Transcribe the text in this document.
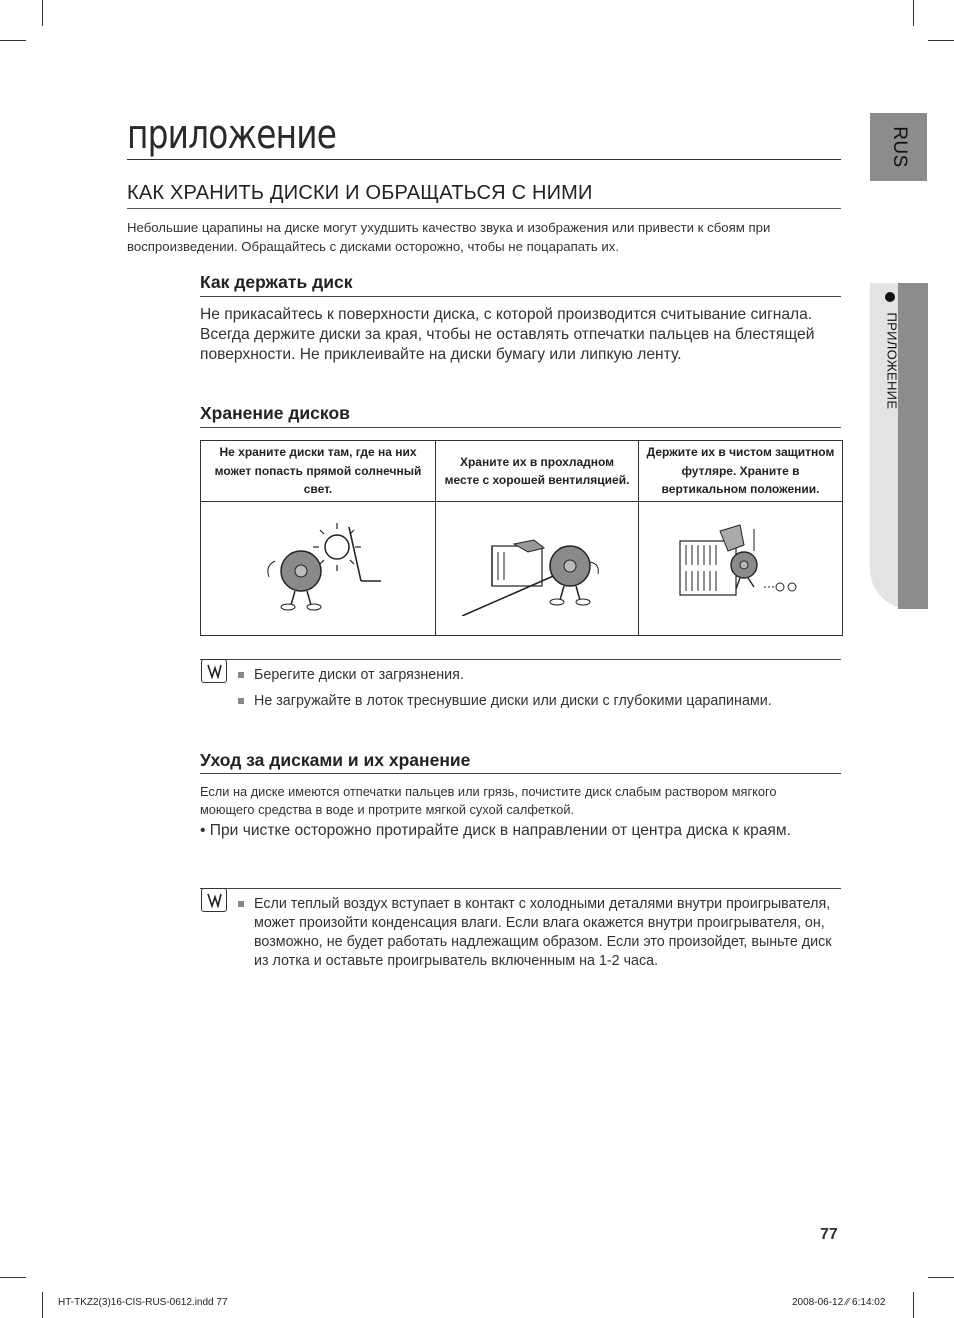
RUS
ПРИЛОЖЕНИЕ
приложение
КАК ХРАНИТЬ ДИСКИ И ОБРАЩАТЬСЯ С НИМИ

Небольшие царапины на диске могут ухудшить качество звука и изображения или привести к сбоям при воспроизведении. Обращайтесь с дисками осторожно, чтобы не поцарапать их.

Как держать диск

Не прикасайтесь к поверхности диска, с которой производится считывание сигнала. Всегда держите диски за края, чтобы не оставлять отпечатки пальцев на блестящей поверхности. Не приклеивайте на диски бумагу или липкую ленту.

Хранение дисков
Не храните диски там, где на них может попасть прямой солнечный свет.	Храните их в прохладном месте с хорошей вентиляцией.	Держите их в чистом защитном футляре. Храните в вертикальном положении.

Берегите диски от загрязнения.
Не загружайте в лоток треснувшие диски или диски с глубокими царапинами.
Уход за дисками и их хранение

Если на диске имеются отпечатки пальцев или грязь, почистите диск слабым раствором мягкого моющего средства в воде и протрите мягкой сухой салфеткой.

• При чистке осторожно протирайте диск в направлении от центра диска к краям.

Если теплый воздух вступает в контакт с холодными деталями внутри проигрывателя, может произойти конденсация влаги. Если влага окажется внутри проигрывателя, он, возможно, не будет работать надлежащим образом. Если это произойдет, выньте диск из лотка и оставьте проигрыватель включенным на 1-2 часа.
77
HT-TKZ2(3)16-CIS-RUS-0612.indd 77	2008-06-12 ⁄⁄ 6:14:02
